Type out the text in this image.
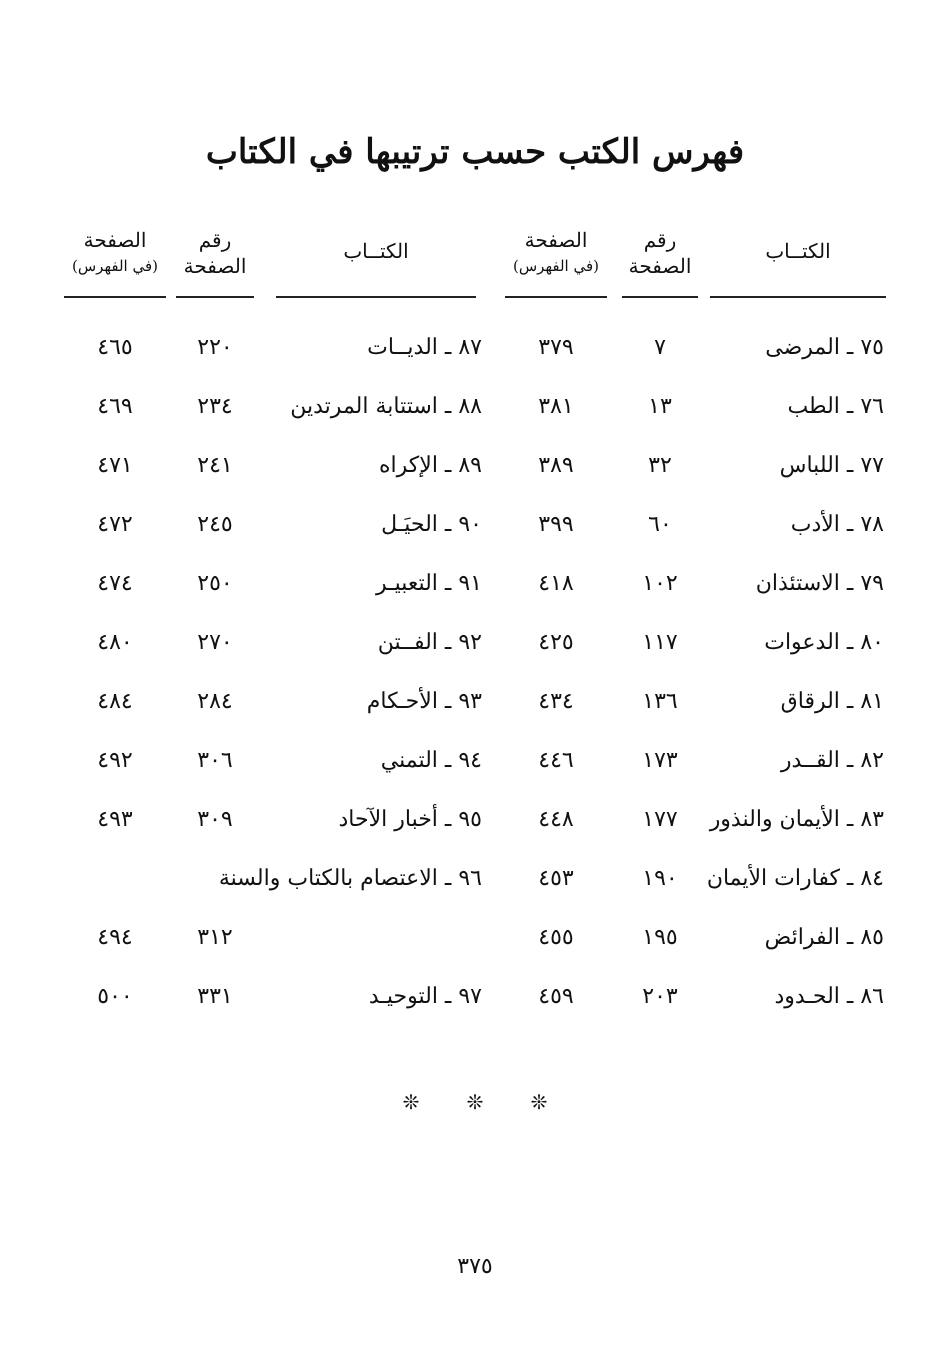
فهرس الكتب حسب ترتيبها في الكتاب
الكتــاب
رقم
الصفحة
الصفحة
(في الفهرس)
الكتــاب
رقم
الصفحة
الصفحة
(في الفهرس)
٧٥ ـ المرضى
٧
٣٧٩
٧٦ ـ الطب
١٣
٣٨١
٧٧ ـ اللباس
٣٢
٣٨٩
٧٨ ـ الأدب
٦٠
٣٩٩
٧٩ ـ الاستئذان
١٠٢
٤١٨
٨٠ ـ الدعوات
١١٧
٤٢٥
٨١ ـ الرقاق
١٣٦
٤٣٤
٨٢ ـ القــدر
١٧٣
٤٤٦
٨٣ ـ الأيمان والنذور
١٧٧
٤٤٨
٨٤ ـ كفارات الأيمان
١٩٠
٤٥٣
٨٥ ـ الفرائض
١٩٥
٤٥٥
٨٦ ـ الحـدود
٢٠٣
٤٥٩
٨٧ ـ الديــات
٢٢٠
٤٦٥
٨٨ ـ استتابة المرتدين
٢٣٤
٤٦٩
٨٩ ـ الإكراه
٢٤١
٤٧١
٩٠ ـ الحيَـل
٢٤٥
٤٧٢
٩١ ـ التعبيـر
٢٥٠
٤٧٤
٩٢ ـ الفــتن
٢٧٠
٤٨٠
٩٣ ـ الأحـكام
٢٨٤
٤٨٤
٩٤ ـ التمني
٣٠٦
٤٩٢
٩٥ ـ أخبار الآحاد
٣٠٩
٤٩٣
٩٦ ـ الاعتصام بالكتاب والسنة
٣١٢
٤٩٤
٩٧ ـ التوحيـد
٣٣١
٥٠٠
❊ ❊ ❊
٣٧٥
